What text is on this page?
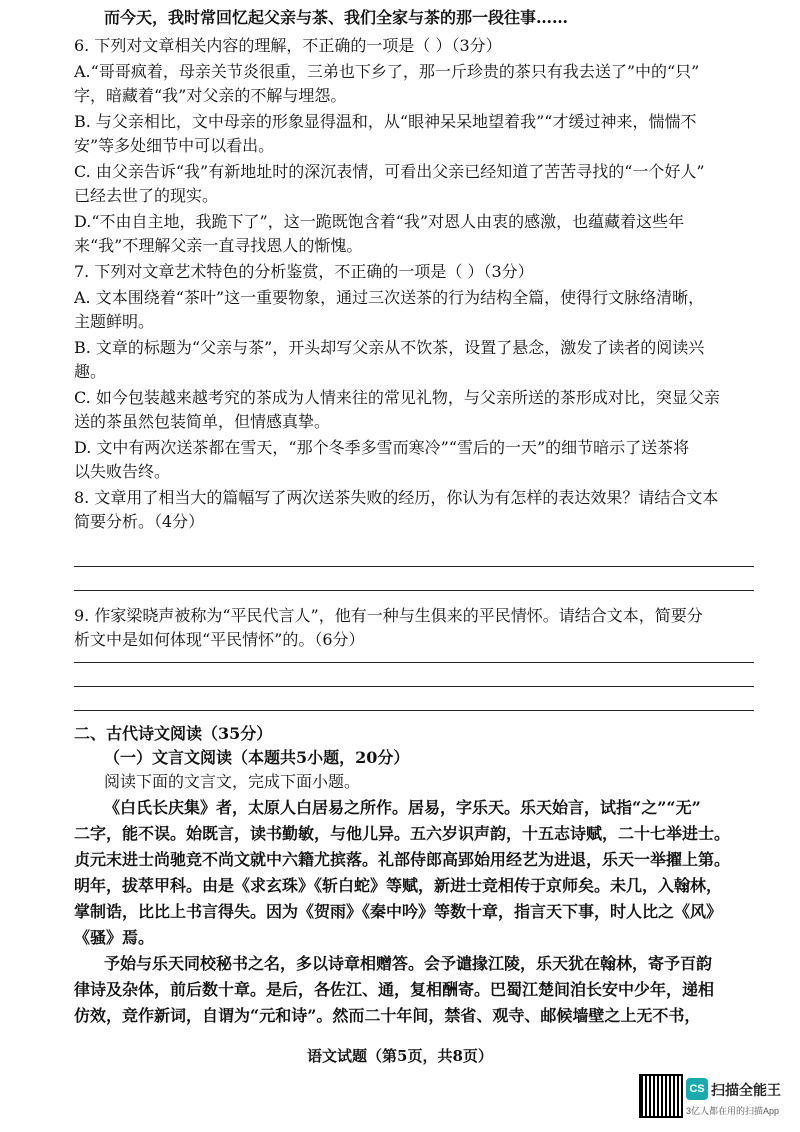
而今天，我时常回忆起父亲与茶、我们全家与茶的那一段往事……
6. 下列对文章相关内容的理解，不正确的一项是（ ）（3分）
A.“哥哥疯着，母亲关节炎很重，三弟也下乡了，那一斤珍贵的茶只有我去送了”中的“只”
字，暗藏着“我”对父亲的不解与埋怨。
B. 与父亲相比，文中母亲的形象显得温和，从“眼神呆呆地望着我”“才缓过神来，惴惴不
安”等多处细节中可以看出。
C. 由父亲告诉“我”有新地址时的深沉表情，可看出父亲已经知道了苦苦寻找的“一个好人”
已经去世了的现实。
D.“不由自主地，我跪下了”，这一跪既饱含着“我”对恩人由衷的感激，也蕴藏着这些年
来“我”不理解父亲一直寻找恩人的惭愧。
7. 下列对文章艺术特色的分析鉴赏，不正确的一项是（ ）（3分）
A. 文本围绕着“茶叶”这一重要物象，通过三次送茶的行为结构全篇，使得行文脉络清晰，
主题鲜明。
B. 文章的标题为“父亲与茶”，开头却写父亲从不饮茶，设置了悬念，激发了读者的阅读兴
趣。
C. 如今包装越来越考究的茶成为人情来往的常见礼物，与父亲所送的茶形成对比，突显父亲
送的茶虽然包装简单，但情感真挚。
D. 文中有两次送茶都在雪天，“那个冬季多雪而寒冷”“雪后的一天”的细节暗示了送茶将
以失败告终。
8. 文章用了相当大的篇幅写了两次送茶失败的经历，你认为有怎样的表达效果？请结合文本
简要分析。（4分）
9. 作家梁晓声被称为“平民代言人”，他有一种与生俱来的平民情怀。请结合文本，简要分
析文中是如何体现“平民情怀”的。（6分）
二、古代诗文阅读（35分）
（一）文言文阅读（本题共5小题，20分）
阅读下面的文言文，完成下面小题。
《白氏长庆集》者，太原人白居易之所作。居易，字乐天。乐天始言，试指“之”“无”
二字，能不误。始既言，读书勤敏，与他儿异。五六岁识声韵，十五志诗赋，二十七举进士。
贞元末进士尚驰竞不尚文就中六籍尤摈落。礼部侍郎高郢始用经艺为进退，乐天一举擢上第。
明年，拔萃甲科。由是《求玄珠》《斩白蛇》等赋，新进士竞相传于京师矣。未几，入翰林，
掌制诰，比比上书言得失。因为《贺雨》《秦中吟》等数十章，指言天下事，时人比之《风》
《骚》焉。
予始与乐天同校秘书之名，多以诗章相赠答。会予谴掾江陵，乐天犹在翰林，寄予百韵
律诗及杂体，前后数十章。是后，各佐江、通，复相酬寄。巴蜀江楚间洎长安中少年，递相
仿效，竞作新词，自谓为“元和诗”。然而二十年间，禁省、观寺、邮候墙壁之上无不书，
语文试题（第5页，共8页）
CS 扫描全能王
3亿人都在用的扫描App
